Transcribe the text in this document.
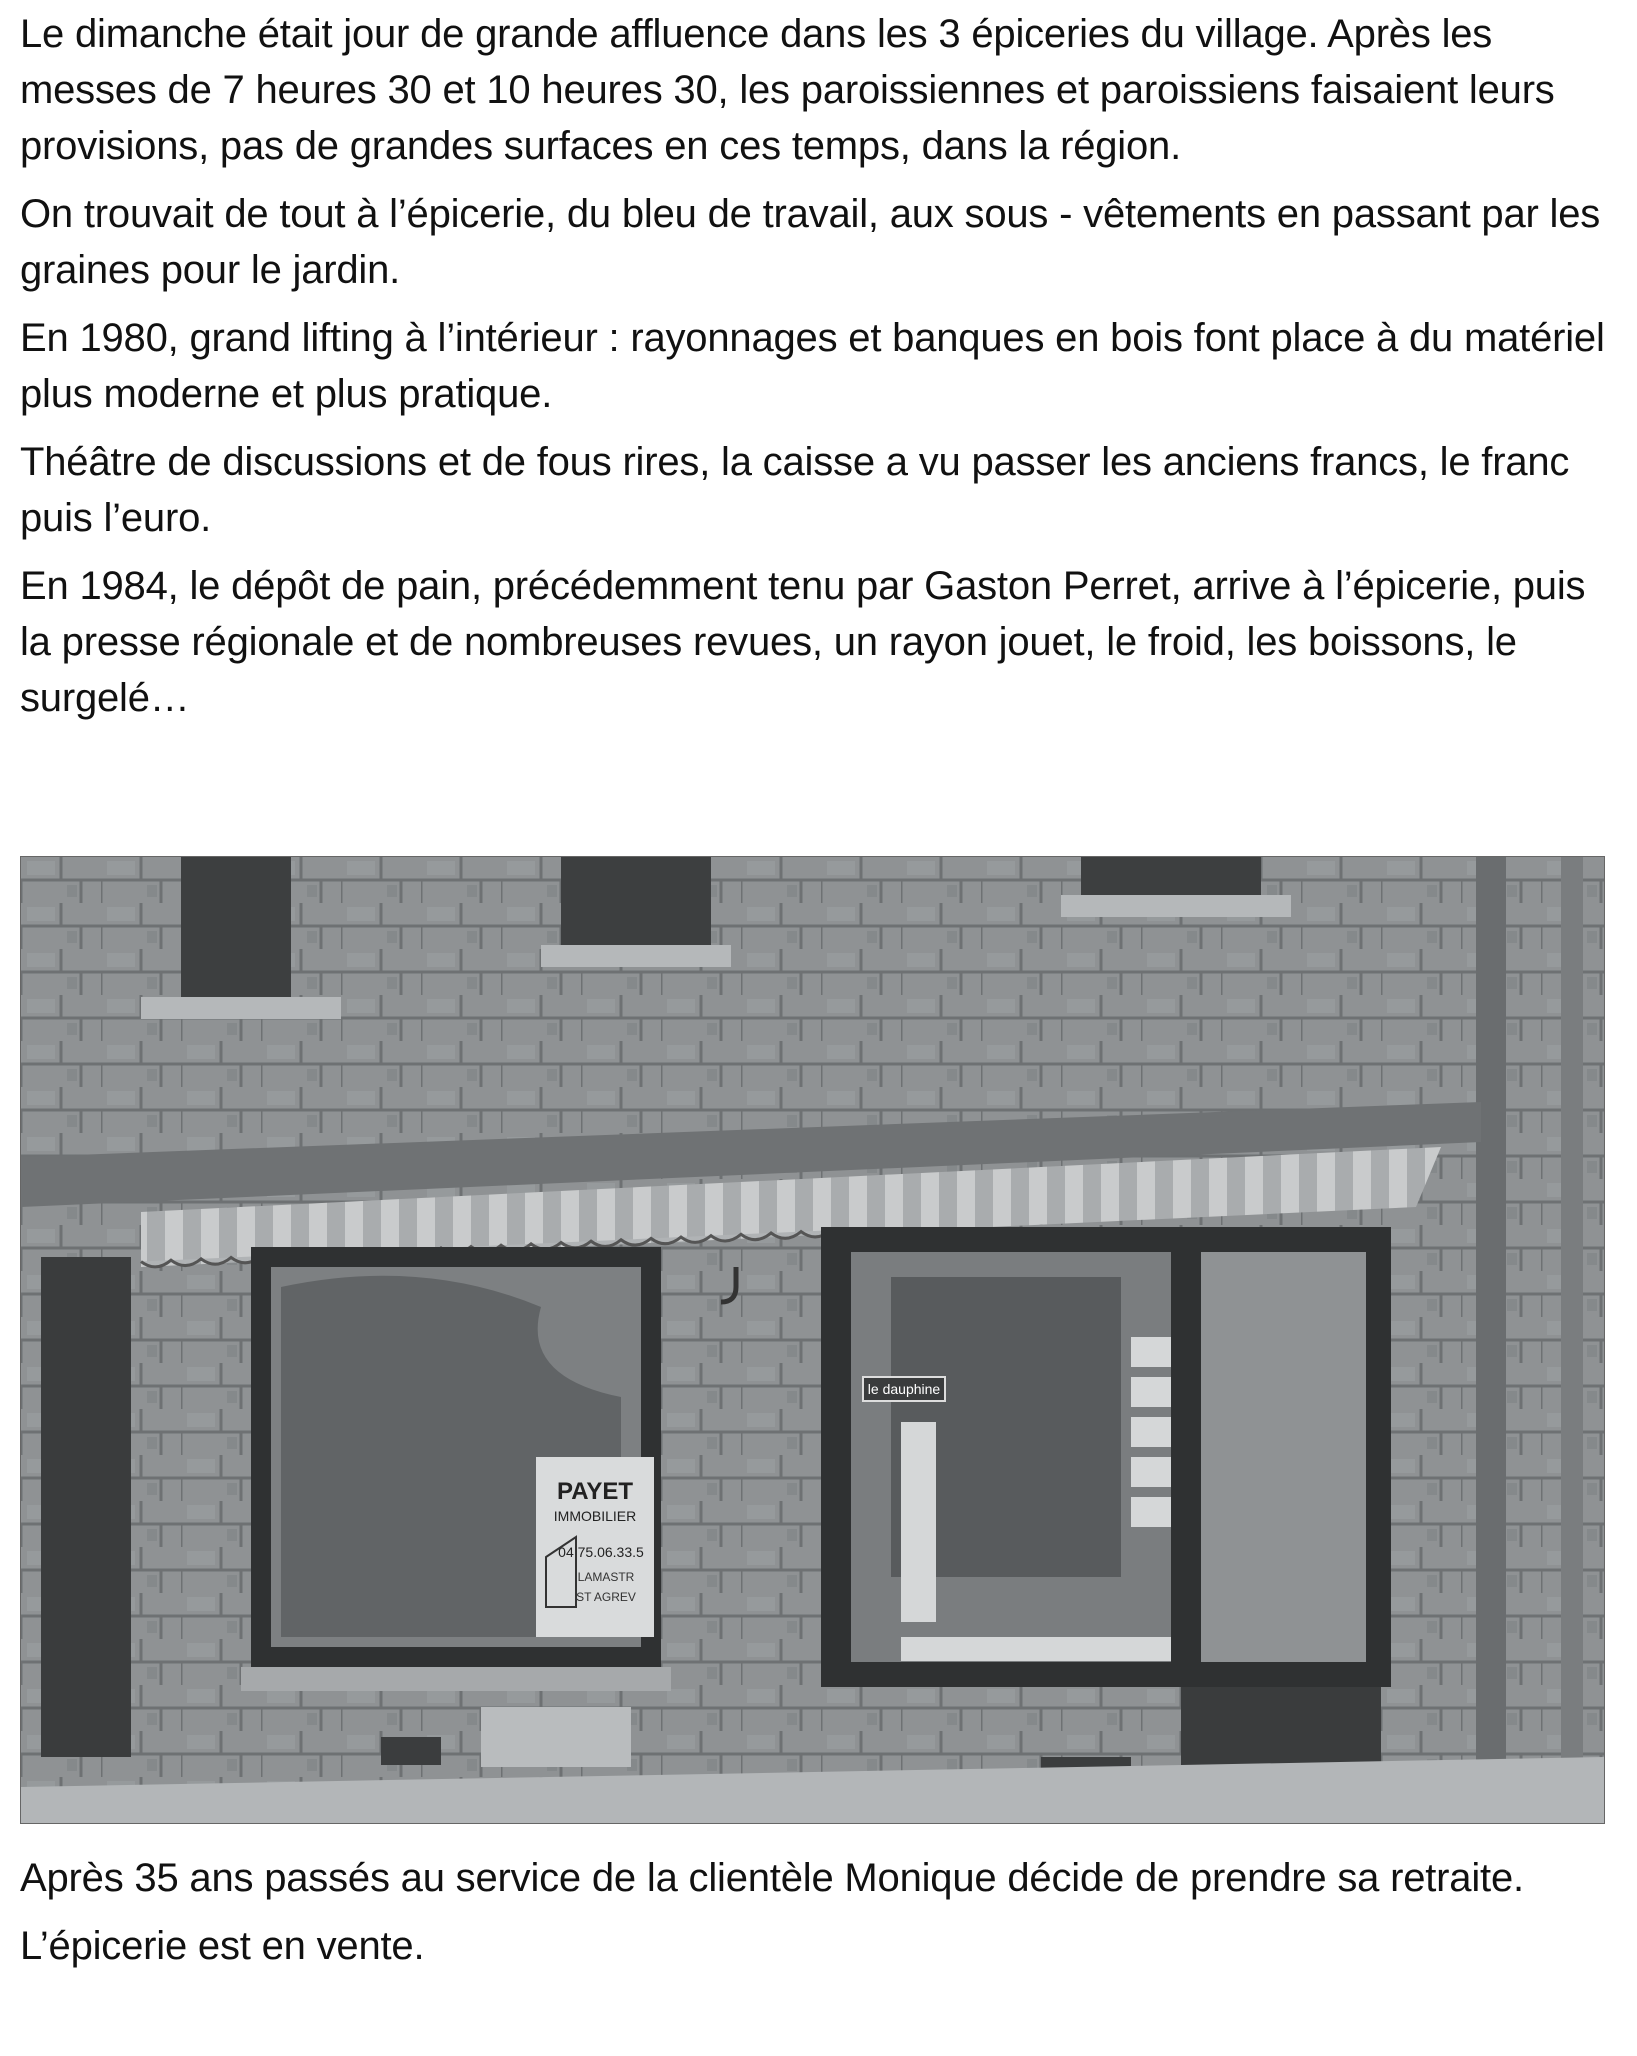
Le dimanche était jour de grande affluence dans les 3 épiceries du village. Après les messes de 7 heures 30 et 10 heures 30, les paroissiennes et paroissiens faisaient leurs provisions, pas de grandes surfaces en ces temps, dans la région.

On trouvait de tout à l’épicerie, du bleu de travail, aux sous - vêtements en passant par les graines pour le jardin.

En 1980, grand lifting à l’intérieur : rayonnages et banques en bois font place à du matériel plus moderne et plus pratique.

Théâtre de discussions et de fous rires, la caisse a vu passer les anciens francs, le franc puis l’euro.

En 1984, le dépôt de pain, précédemment tenu par Gaston Perret, arrive à l’épicerie, puis la presse régionale et de nombreuses revues, un rayon jouet, le froid, les boissons, le surgelé…

PAYET
IMMOBILIER
04.75.06.33.5
LAMASTR
ST AGREV
le dauphine

Après 35 ans passés au service de la clientèle Monique décide de prendre sa retraite.

L’épicerie est en vente.
